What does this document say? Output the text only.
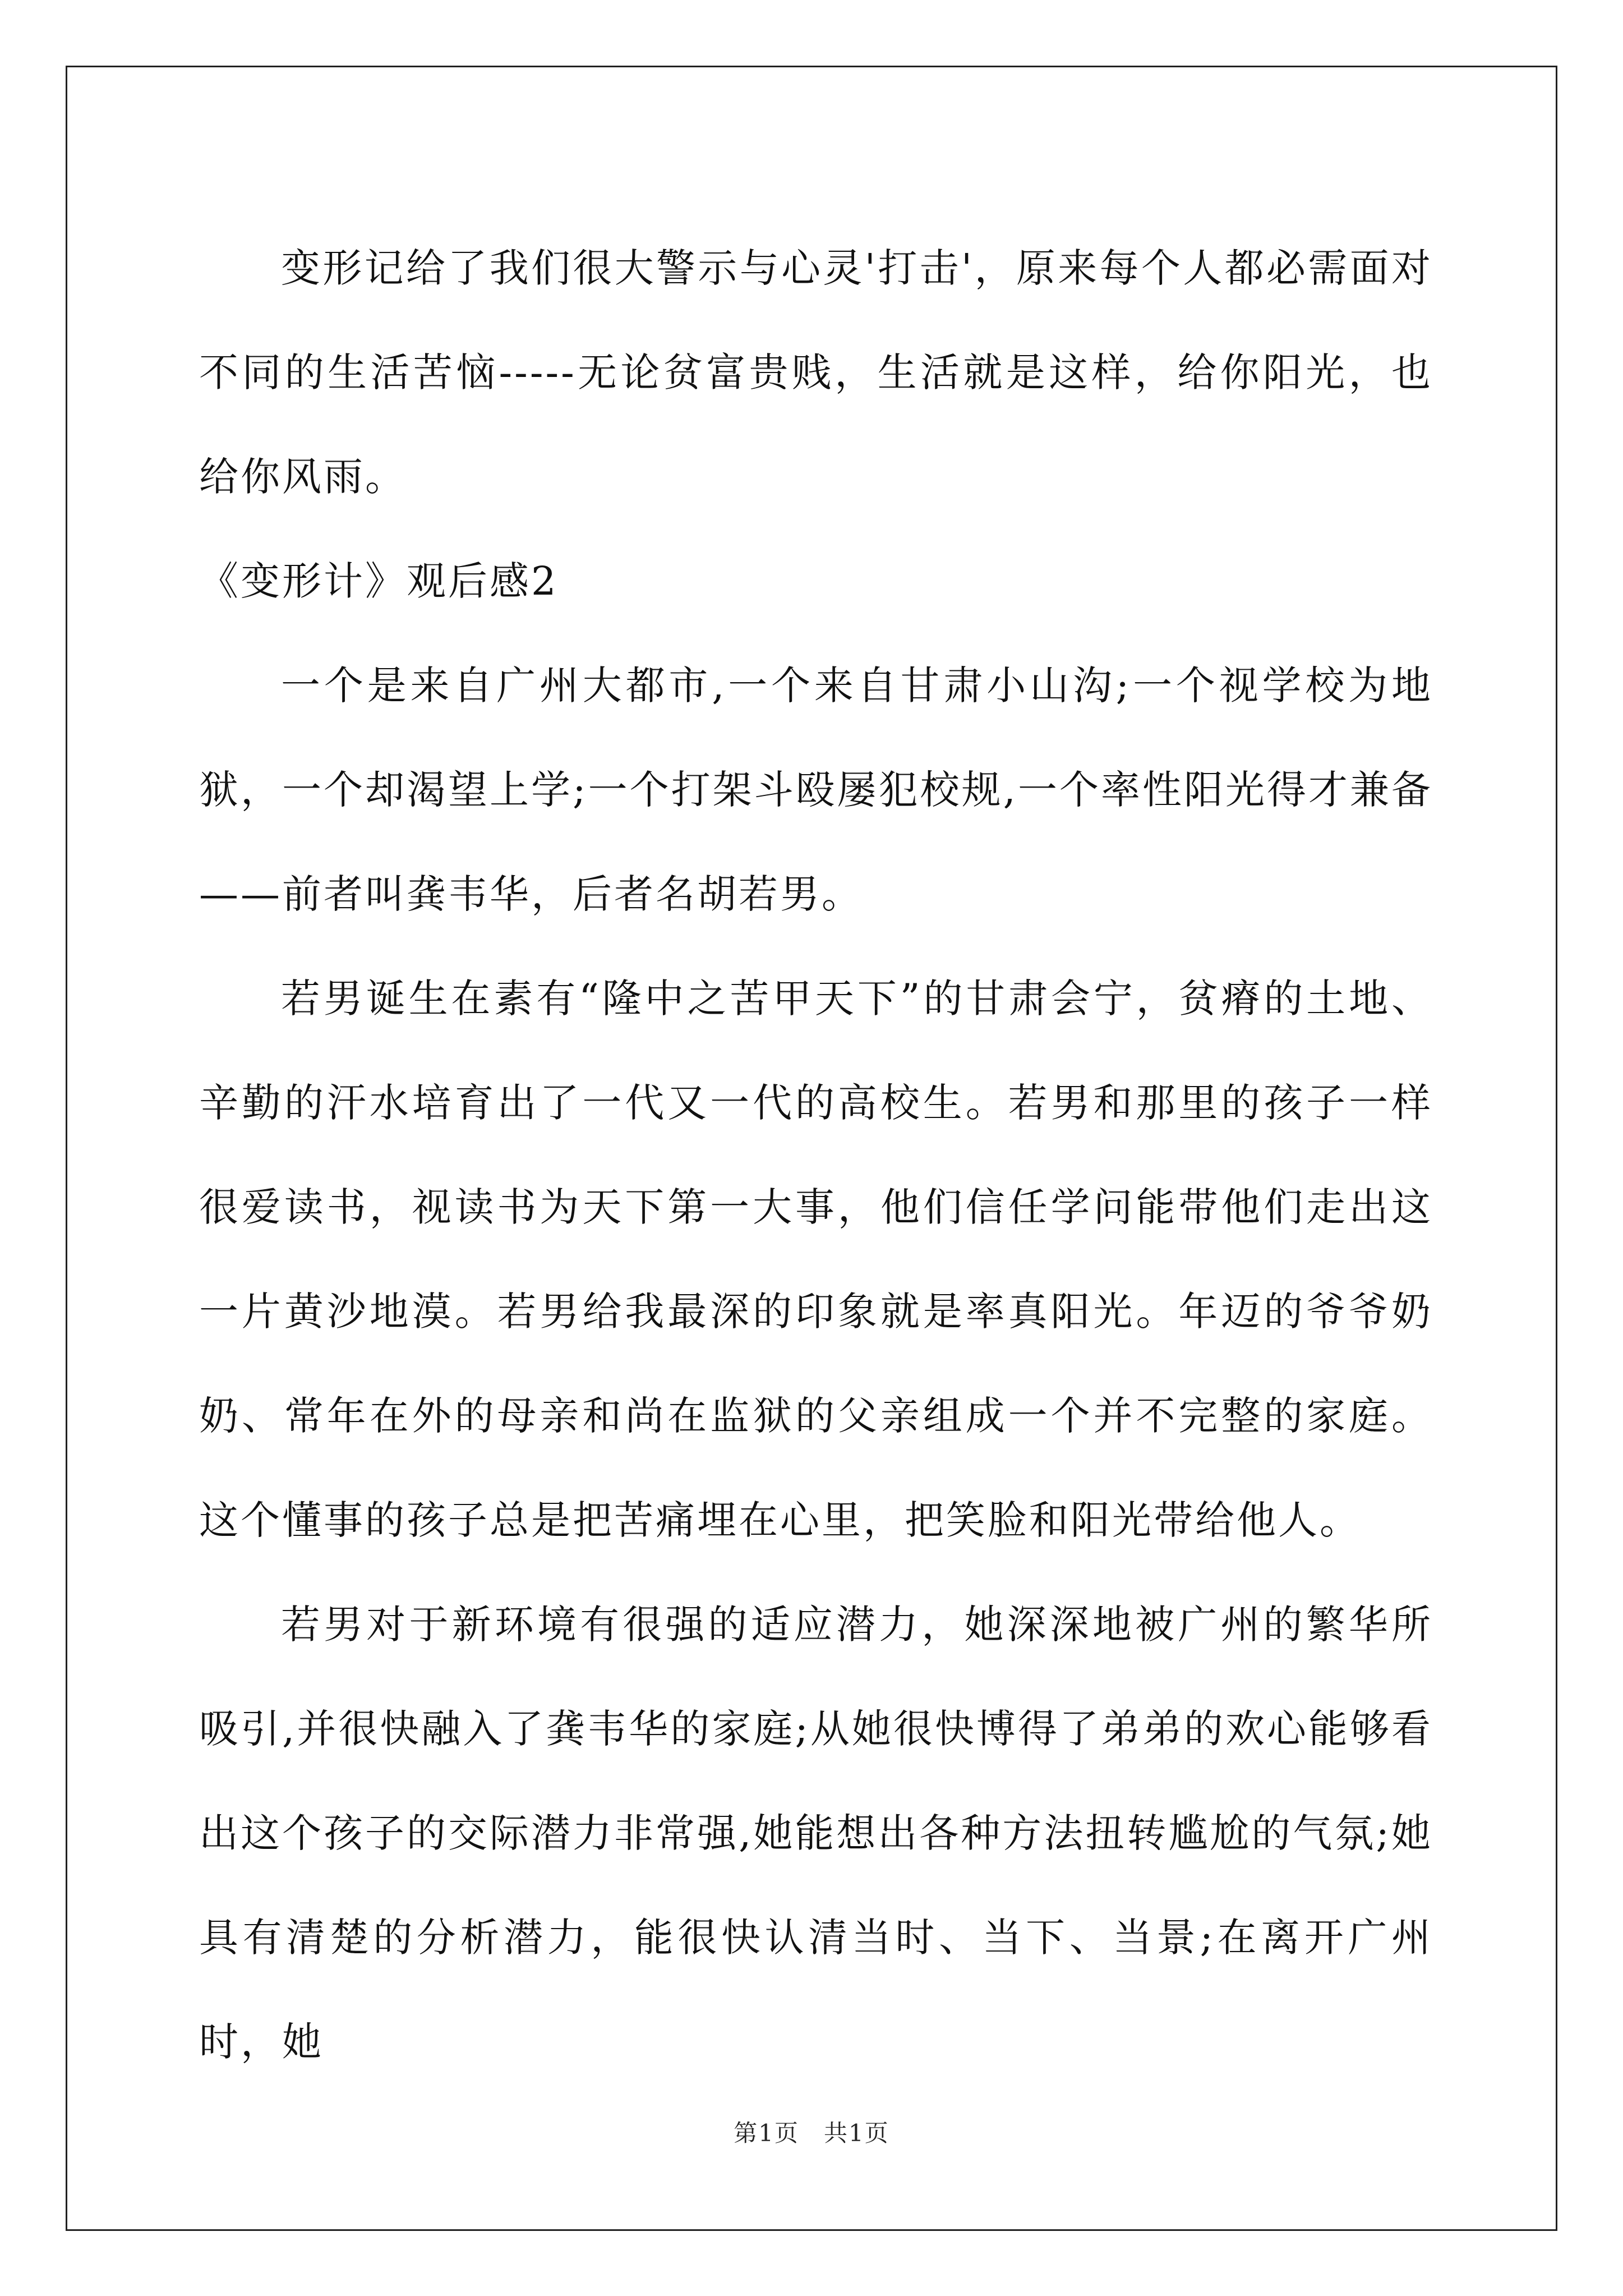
变形记给了我们很大警示与心灵'打击'，原来每个人都必需面对不同的生活苦恼-----无论贫富贵贱，生活就是这样，给你阳光，也给你风雨。

《变形计》观后感2

一个是来自广州大都市,一个来自甘肃小山沟;一个视学校为地狱，一个却渴望上学;一个打架斗殴屡犯校规,一个率性阳光得才兼备——前者叫龚韦华，后者名胡若男。

若男诞生在素有“隆中之苦甲天下”的甘肃会宁，贫瘠的土地、辛勤的汗水培育出了一代又一代的高校生。若男和那里的孩子一样很爱读书，视读书为天下第一大事，他们信任学问能带他们走出这一片黄沙地漠。若男给我最深的印象就是率真阳光。年迈的爷爷奶奶、常年在外的母亲和尚在监狱的父亲组成一个并不完整的家庭。这个懂事的孩子总是把苦痛埋在心里，把笑脸和阳光带给他人。

若男对于新环境有很强的适应潜力，她深深地被广州的繁华所吸引,并很快融入了龚韦华的家庭;从她很快博得了弟弟的欢心能够看出这个孩子的交际潜力非常强,她能想出各种方法扭转尴尬的气氛;她具有清楚的分析潜力，能很快认清当时、当下、当景;在离开广州时，她

第1页　共1页
